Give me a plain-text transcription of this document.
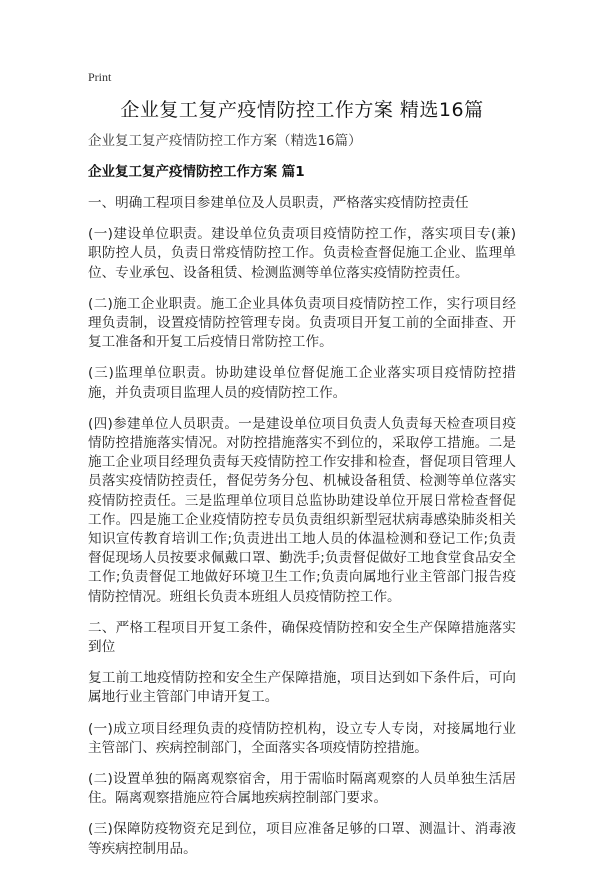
Print
企业复工复产疫情防控工作方案 精选16篇
企业复工复产疫情防控工作方案（精选16篇）
企业复工复产疫情防控工作方案 篇1

一、明确工程项目参建单位及人员职责，严格落实疫情防控责任

(一)建设单位职责。建设单位负责项目疫情防控工作，落实项目专(兼)职防控人员，负责日常疫情防控工作。负责检查督促施工企业、监理单位、专业承包、设备租赁、检测监测等单位落实疫情防控责任。

(二)施工企业职责。施工企业具体负责项目疫情防控工作，实行项目经理负责制，设置疫情防控管理专岗。负责项目开复工前的全面排查、开复工准备和开复工后疫情日常防控工作。

(三)监理单位职责。协助建设单位督促施工企业落实项目疫情防控措施，并负责项目监理人员的疫情防控工作。

(四)参建单位人员职责。一是建设单位项目负责人负责每天检查项目疫情防控措施落实情况。对防控措施落实不到位的，采取停工措施。二是施工企业项目经理负责每天疫情防控工作安排和检查，督促项目管理人员落实疫情防控责任，督促劳务分包、机械设备租赁、检测等单位落实疫情防控责任。三是监理单位项目总监协助建设单位开展日常检查督促工作。四是施工企业疫情防控专员负责组织新型冠状病毒感染肺炎相关知识宣传教育培训工作;负责进出工地人员的体温检测和登记工作;负责督促现场人员按要求佩戴口罩、勤洗手;负责督促做好工地食堂食品安全工作;负责督促工地做好环境卫生工作;负责向属地行业主管部门报告疫情防控情况。班组长负责本班组人员疫情防控工作。

二、严格工程项目开复工条件，确保疫情防控和安全生产保障措施落实到位

复工前工地疫情防控和安全生产保障措施，项目达到如下条件后，可向属地行业主管部门申请开复工。

(一)成立项目经理负责的疫情防控机构，设立专人专岗，对接属地行业主管部门、疾病控制部门，全面落实各项疫情防控措施。

(二)设置单独的隔离观察宿舍，用于需临时隔离观察的人员单独生活居住。隔离观察措施应符合属地疾病控制部门要求。

(三)保障防疫物资充足到位，项目应准备足够的口罩、测温计、消毒液等疾病控制用品。
